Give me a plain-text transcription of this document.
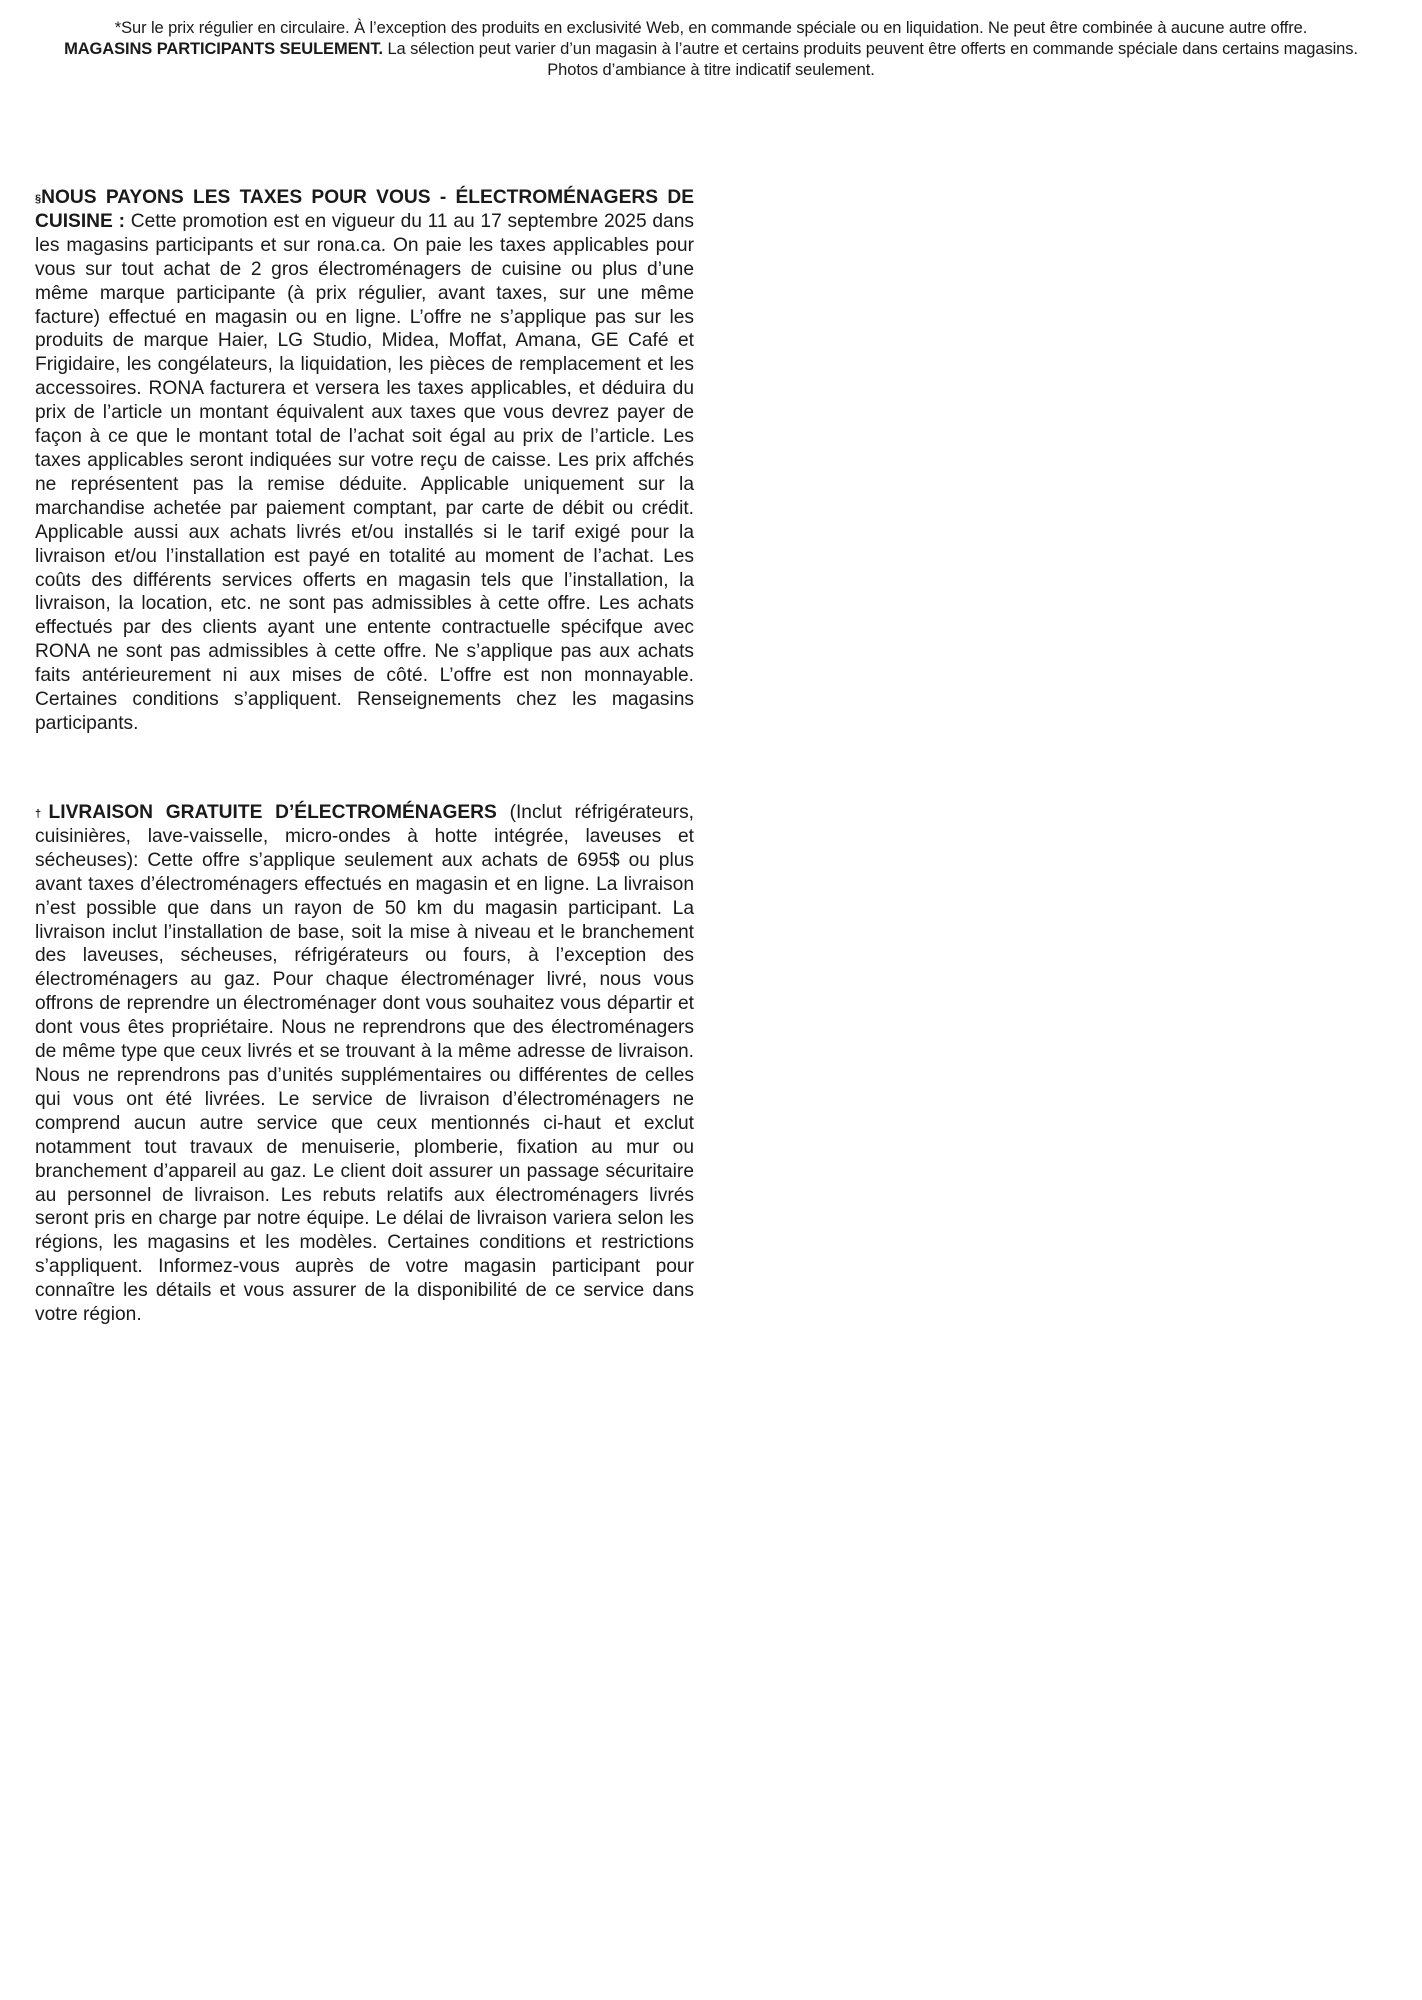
*Sur le prix régulier en circulaire. À l’exception des produits en exclusivité Web, en commande spéciale ou en liquidation. Ne peut être combinée à aucune autre offre.
MAGASINS PARTICIPANTS SEULEMENT. La sélection peut varier d’un magasin à l’autre et certains produits peuvent être offerts en commande spéciale dans certains magasins.
Photos d’ambiance à titre indicatif seulement.
§NOUS PAYONS LES TAXES POUR VOUS - ÉLECTROMÉNAGERS DE CUISINE : Cette promotion est en vigueur du 11 au 17 septembre 2025 dans les magasins participants et sur rona.ca. On paie les taxes applicables pour vous sur tout achat de 2 gros électroménagers de cuisine ou plus d’une même marque participante (à prix régulier, avant taxes, sur une même facture) effectué en magasin ou en ligne. L’offre ne s’applique pas sur les produits de marque Haier, LG Studio, Midea, Moffat, Amana, GE Café et Frigidaire, les congélateurs, la liquidation, les pièces de remplacement et les accessoires. RONA facturera et versera les taxes applicables, et déduira du prix de l’article un montant équivalent aux taxes que vous devrez payer de façon à ce que le montant total de l’achat soit égal au prix de l’article. Les taxes applicables seront indiquées sur votre reçu de caisse. Les prix affchés ne représentent pas la remise déduite. Applicable uniquement sur la marchandise achetée par paiement comptant, par carte de débit ou crédit. Applicable aussi aux achats livrés et/ou installés si le tarif exigé pour la livraison et/ou l’installation est payé en totalité au moment de l’achat. Les coûts des différents services offerts en magasin tels que l’installation, la livraison, la location, etc. ne sont pas admissibles à cette offre. Les achats effectués par des clients ayant une entente contractuelle spécifque avec RONA ne sont pas admissibles à cette offre. Ne s’applique pas aux achats faits antérieurement ni aux mises de côté. L’offre est non monnayable. Certaines conditions s’appliquent. Renseignements chez les magasins participants.
†LIVRAISON GRATUITE D’ÉLECTROMÉNAGERS (Inclut réfrigérateurs, cuisinières, lave-vaisselle, micro-ondes à hotte intégrée, laveuses et sécheuses): Cette offre s’applique seulement aux achats de 695$ ou plus avant taxes d’électroménagers effectués en magasin et en ligne. La livraison n’est possible que dans un rayon de 50 km du magasin participant. La livraison inclut l’installation de base, soit la mise à niveau et le branchement des laveuses, sécheuses, réfrigérateurs ou fours, à l’exception des électroménagers au gaz. Pour chaque électroménager livré, nous vous offrons de reprendre un électroménager dont vous souhaitez vous départir et dont vous êtes propriétaire. Nous ne reprendrons que des électroménagers de même type que ceux livrés et se trouvant à la même adresse de livraison. Nous ne reprendrons pas d’unités supplémentaires ou différentes de celles qui vous ont été livrées. Le service de livraison d’électroménagers ne comprend aucun autre service que ceux mentionnés ci-haut et exclut notamment tout travaux de menuiserie, plomberie, fixation au mur ou branchement d’appareil au gaz. Le client doit assurer un passage sécuritaire au personnel de livraison. Les rebuts relatifs aux électroménagers livrés seront pris en charge par notre équipe. Le délai de livraison variera selon les régions, les magasins et les modèles. Certaines conditions et restrictions s’appliquent. Informez-vous auprès de votre magasin participant pour connaître les détails et vous assurer de la disponibilité de ce service dans votre région.
